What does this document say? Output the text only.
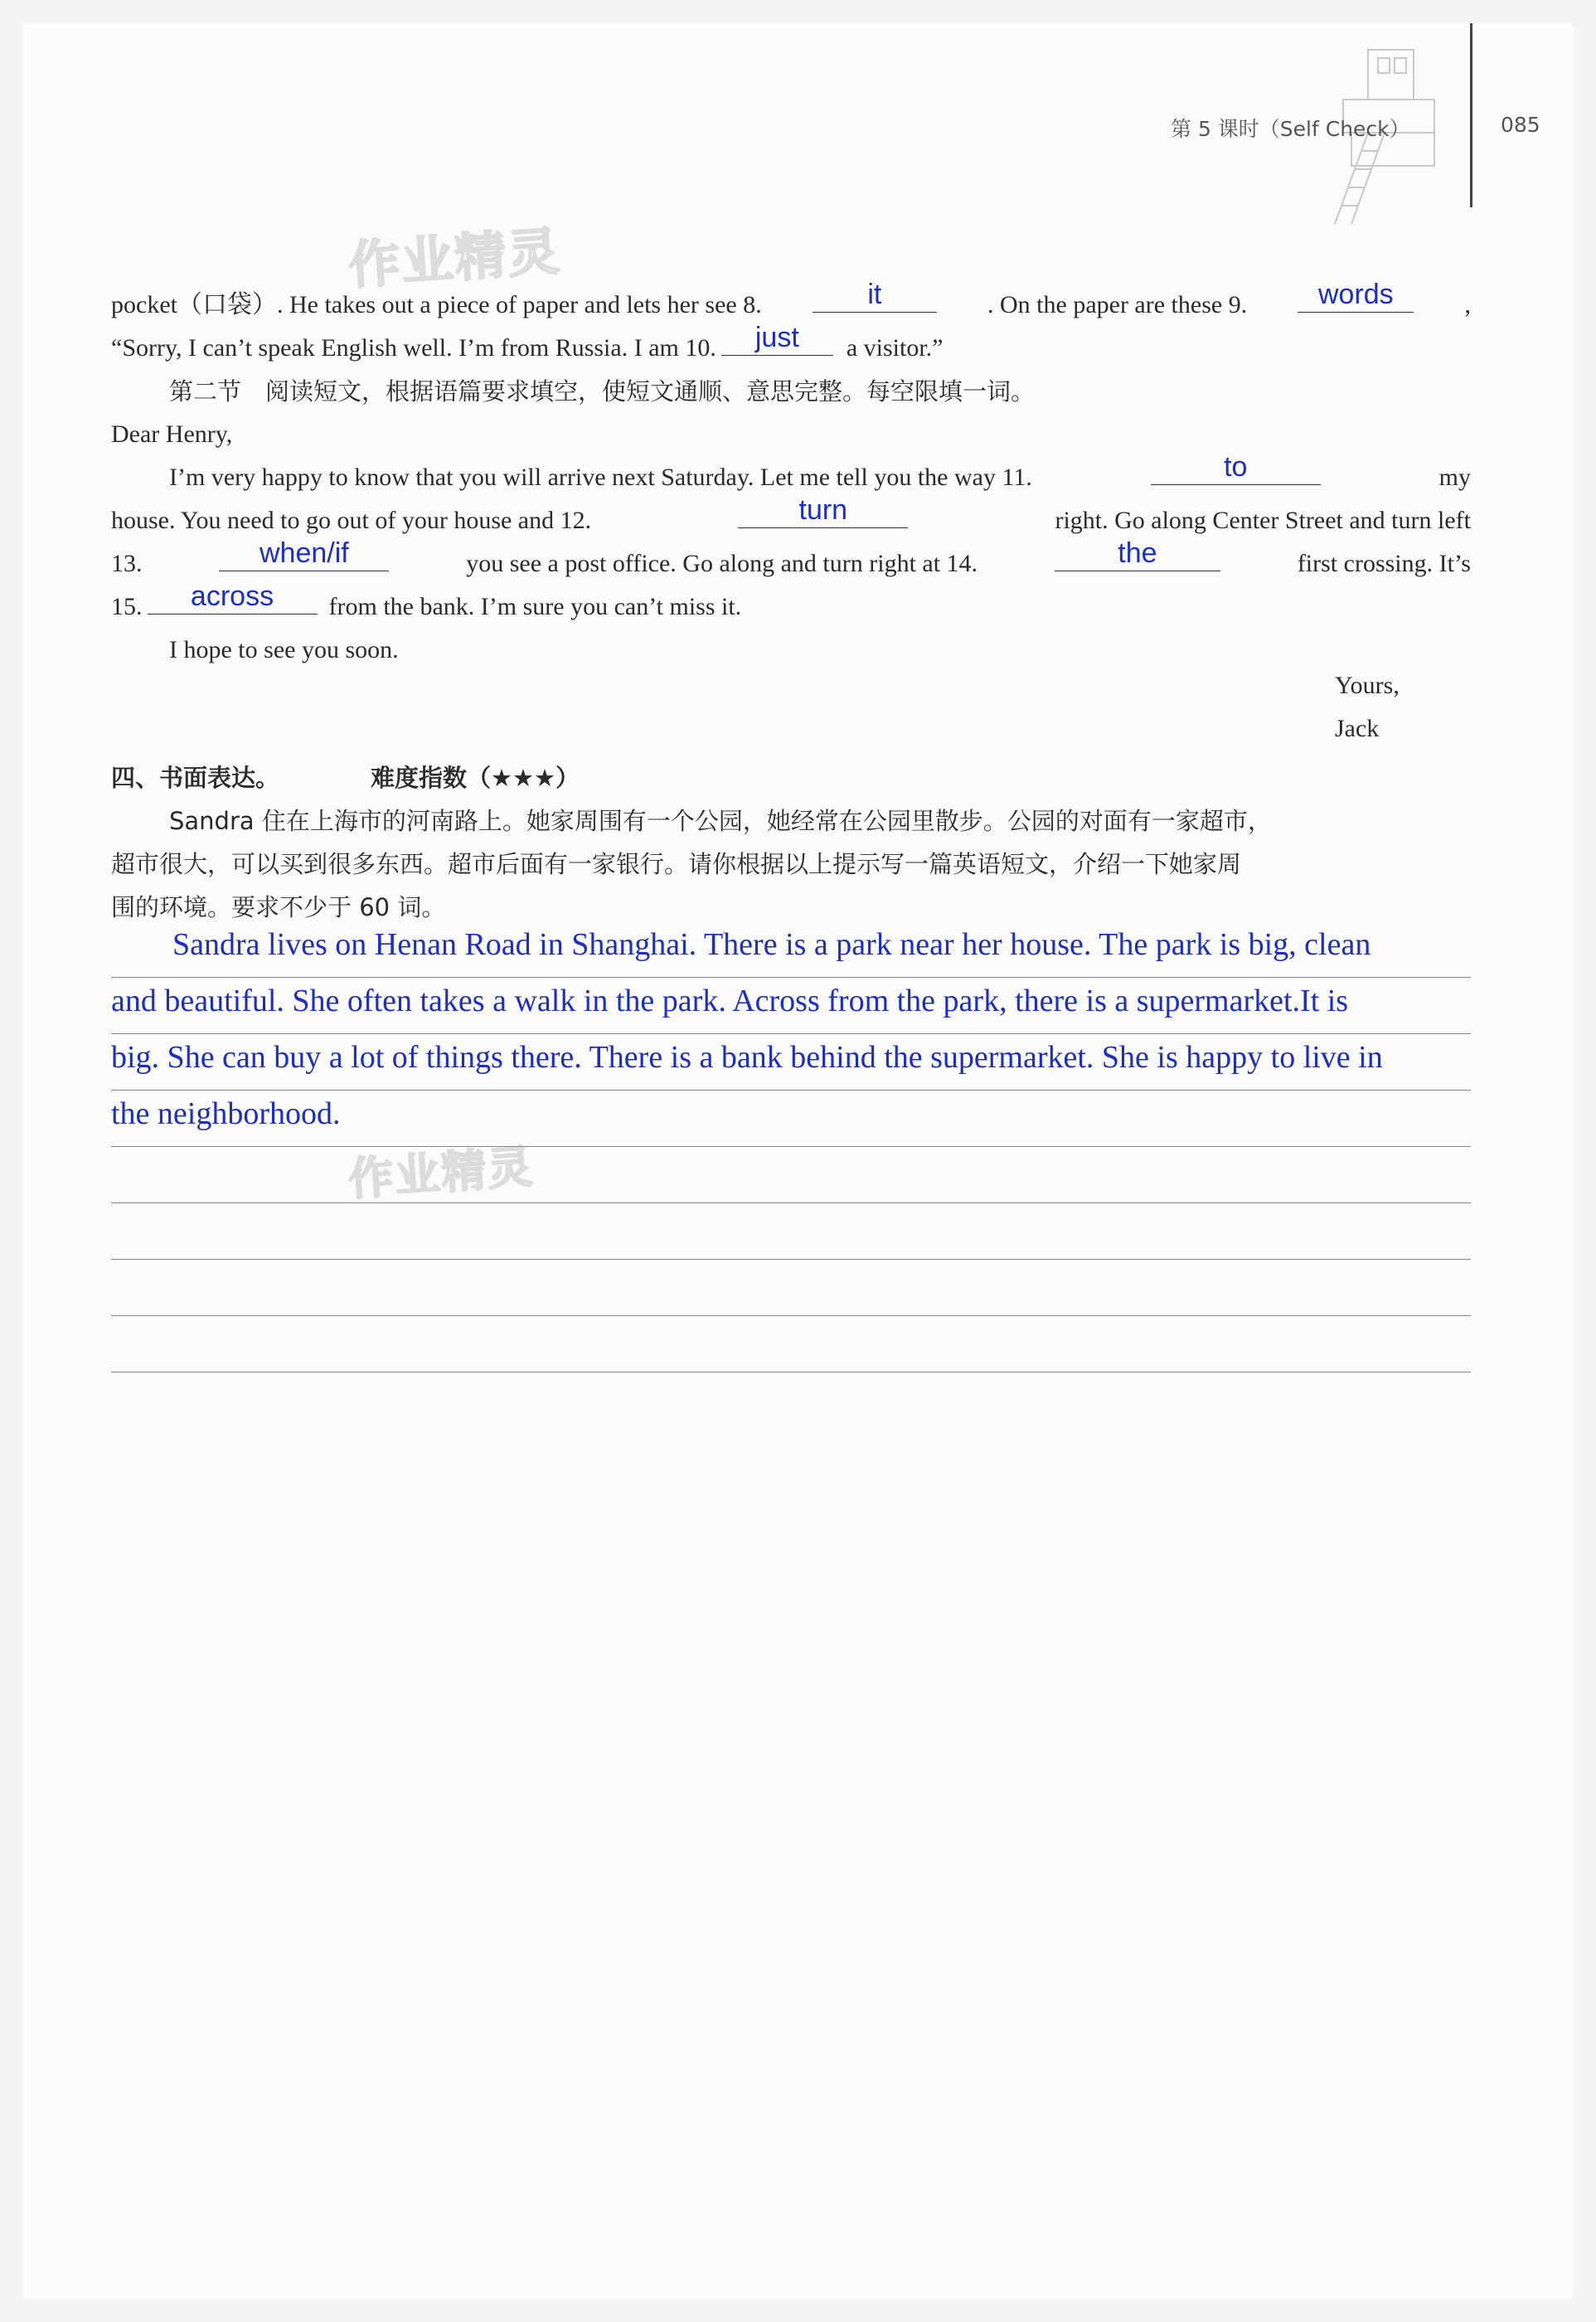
第 5 课时（Self Check）	085
作业精灵
作业精灵
pocket（口袋）. He takes out a piece of paper and lets her see 8.	it	. On the paper are these 9.	words	,
“Sorry, I can’t speak English well. I’m from Russia. I am 10.	just	a visitor.”
第二节　阅读短文，根据语篇要求填空，使短文通顺、意思完整。每空限填一词。
Dear Henry,
I’m very happy to know that you will arrive next Saturday. Let me tell you the way 11.	to	my
house. You need to go out of your house and 12.	turn	right. Go along Center Street and turn left
13.	when/if	you see a post office. Go along and turn right at 14.	the	first crossing. It’s
15.	across	from the bank. I’m sure you can’t miss it.
I hope to see you soon.
Yours,
Jack
四、书面表达。	难度指数（★★★）
Sandra 住在上海市的河南路上。她家周围有一个公园，她经常在公园里散步。公园的对面有一家超市，
超市很大，可以买到很多东西。超市后面有一家银行。请你根据以上提示写一篇英语短文，介绍一下她家周
围的环境。要求不少于 60 词。
Sandra lives on Henan Road in Shanghai. There is a park near her house. The park is big, clean
and beautiful. She often takes a walk in the park. Across from the park, there is a supermarket.It is
big. She can buy a lot of things there. There is a bank behind the supermarket. She is happy to live in
the neighborhood.
